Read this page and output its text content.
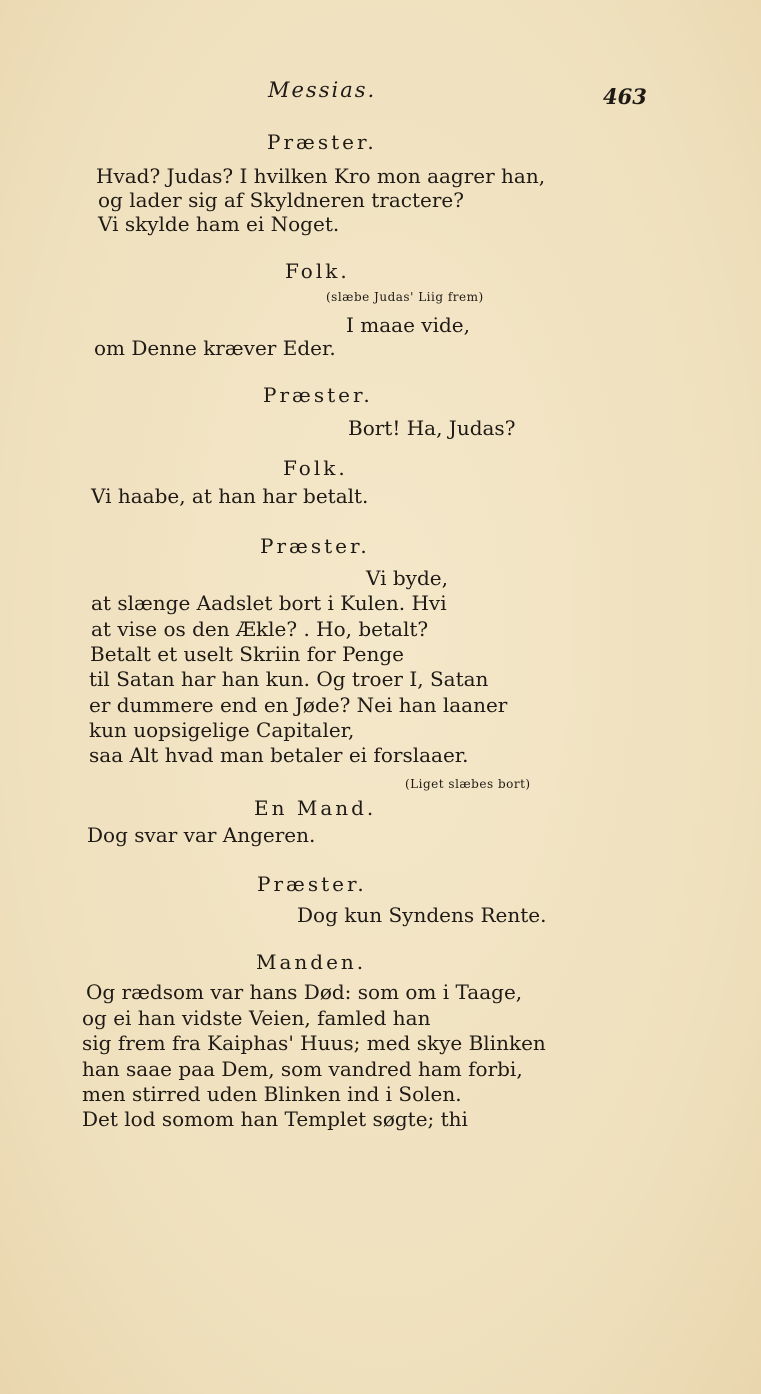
Messias.	463
Præster.
Hvad? Judas? I hvilken Kro mon aagrer han,
og lader sig af Skyldneren tractere?
Vi skylde ham ei Noget.
Folk.
(slæbe Judas' Liig frem)
I maae vide,
om Denne kræver Eder.
Præster.
Bort! Ha, Judas?
Folk.
Vi haabe, at han har betalt.
Præster.
Vi byde,
at slænge Aadslet bort i Kulen. Hvi
at vise os den Ækle? . Ho, betalt?
Betalt et uselt Skriin for Penge
til Satan har han kun. Og troer I, Satan
er dummere end en Jøde? Nei han laaner
kun uopsigelige Capitaler,
saa Alt hvad man betaler ei forslaaer.
(Liget slæbes bort)
En Mand.
Dog svar var Angeren.
Præster.
Dog kun Syndens Rente.
Manden.
Og rædsom var hans Død: som om i Taage,
og ei han vidste Veien, famled han
sig frem fra Kaiphas' Huus; med skye Blinken
han saae paa Dem, som vandred ham forbi,
men stirred uden Blinken ind i Solen.
Det lod somom han Templet søgte; thi
